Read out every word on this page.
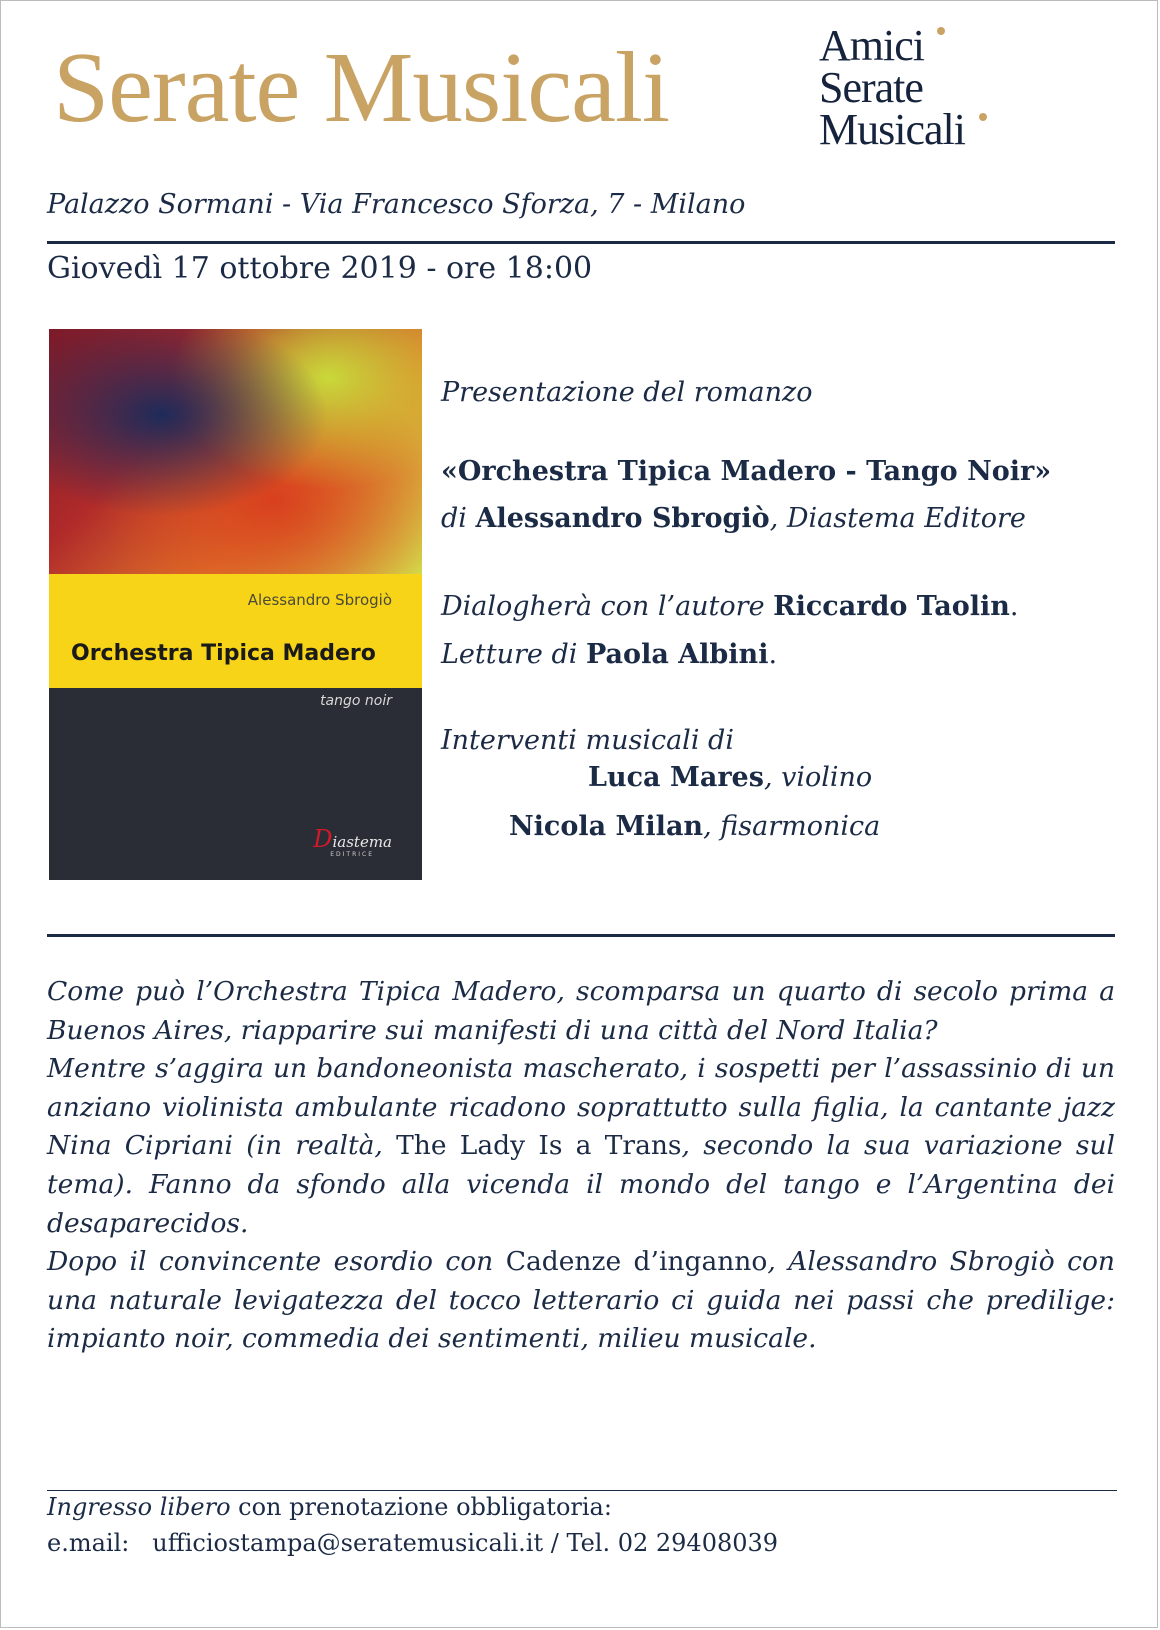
Serate Musicali	Amici
Serate
Musicali
Palazzo Sormani - Via Francesco Sforza, 7 - Milano
Giovedì 17 ottobre 2019 - ore 18:00
Alessandro Sbrogiò
Orchestra Tipica Madero
tango noir
Diastema
EDITRICE
Presentazione del romanzo
«Orchestra Tipica Madero - Tango Noir»
di Alessandro Sbrogiò, Diastema Editore
Dialogherà con l’autore Riccardo Taolin.
Letture di Paola Albini.
Interventi musicali di
Luca Mares, violino
Nicola Milan, fisarmonica

Come può l’Orchestra Tipica Madero, scomparsa un quarto di secolo prima a Buenos Aires, riapparire sui manifesti di una città del Nord Italia?

Mentre s’aggira un bandoneonista mascherato, i sospetti per l’assassinio di un anziano violinista ambulante ricadono soprattutto sulla figlia, la cantante jazz Nina Cipriani (in realtà, The Lady Is a Trans, secondo la sua variazione sul tema). Fanno da sfondo alla vicenda il mondo del tango e l’Argentina dei desaparecidos.

Dopo il convincente esordio con Cadenze d’inganno, Alessandro Sbrogiò con una naturale levigatezza del tocco letterario ci guida nei passi che predilige: impianto noir, commedia dei sentimenti, milieu musicale.

Ingresso libero con prenotazione obbligatoria:
e.mail: ufficiostampa@seratemusicali.it / Tel. 02 29408039
